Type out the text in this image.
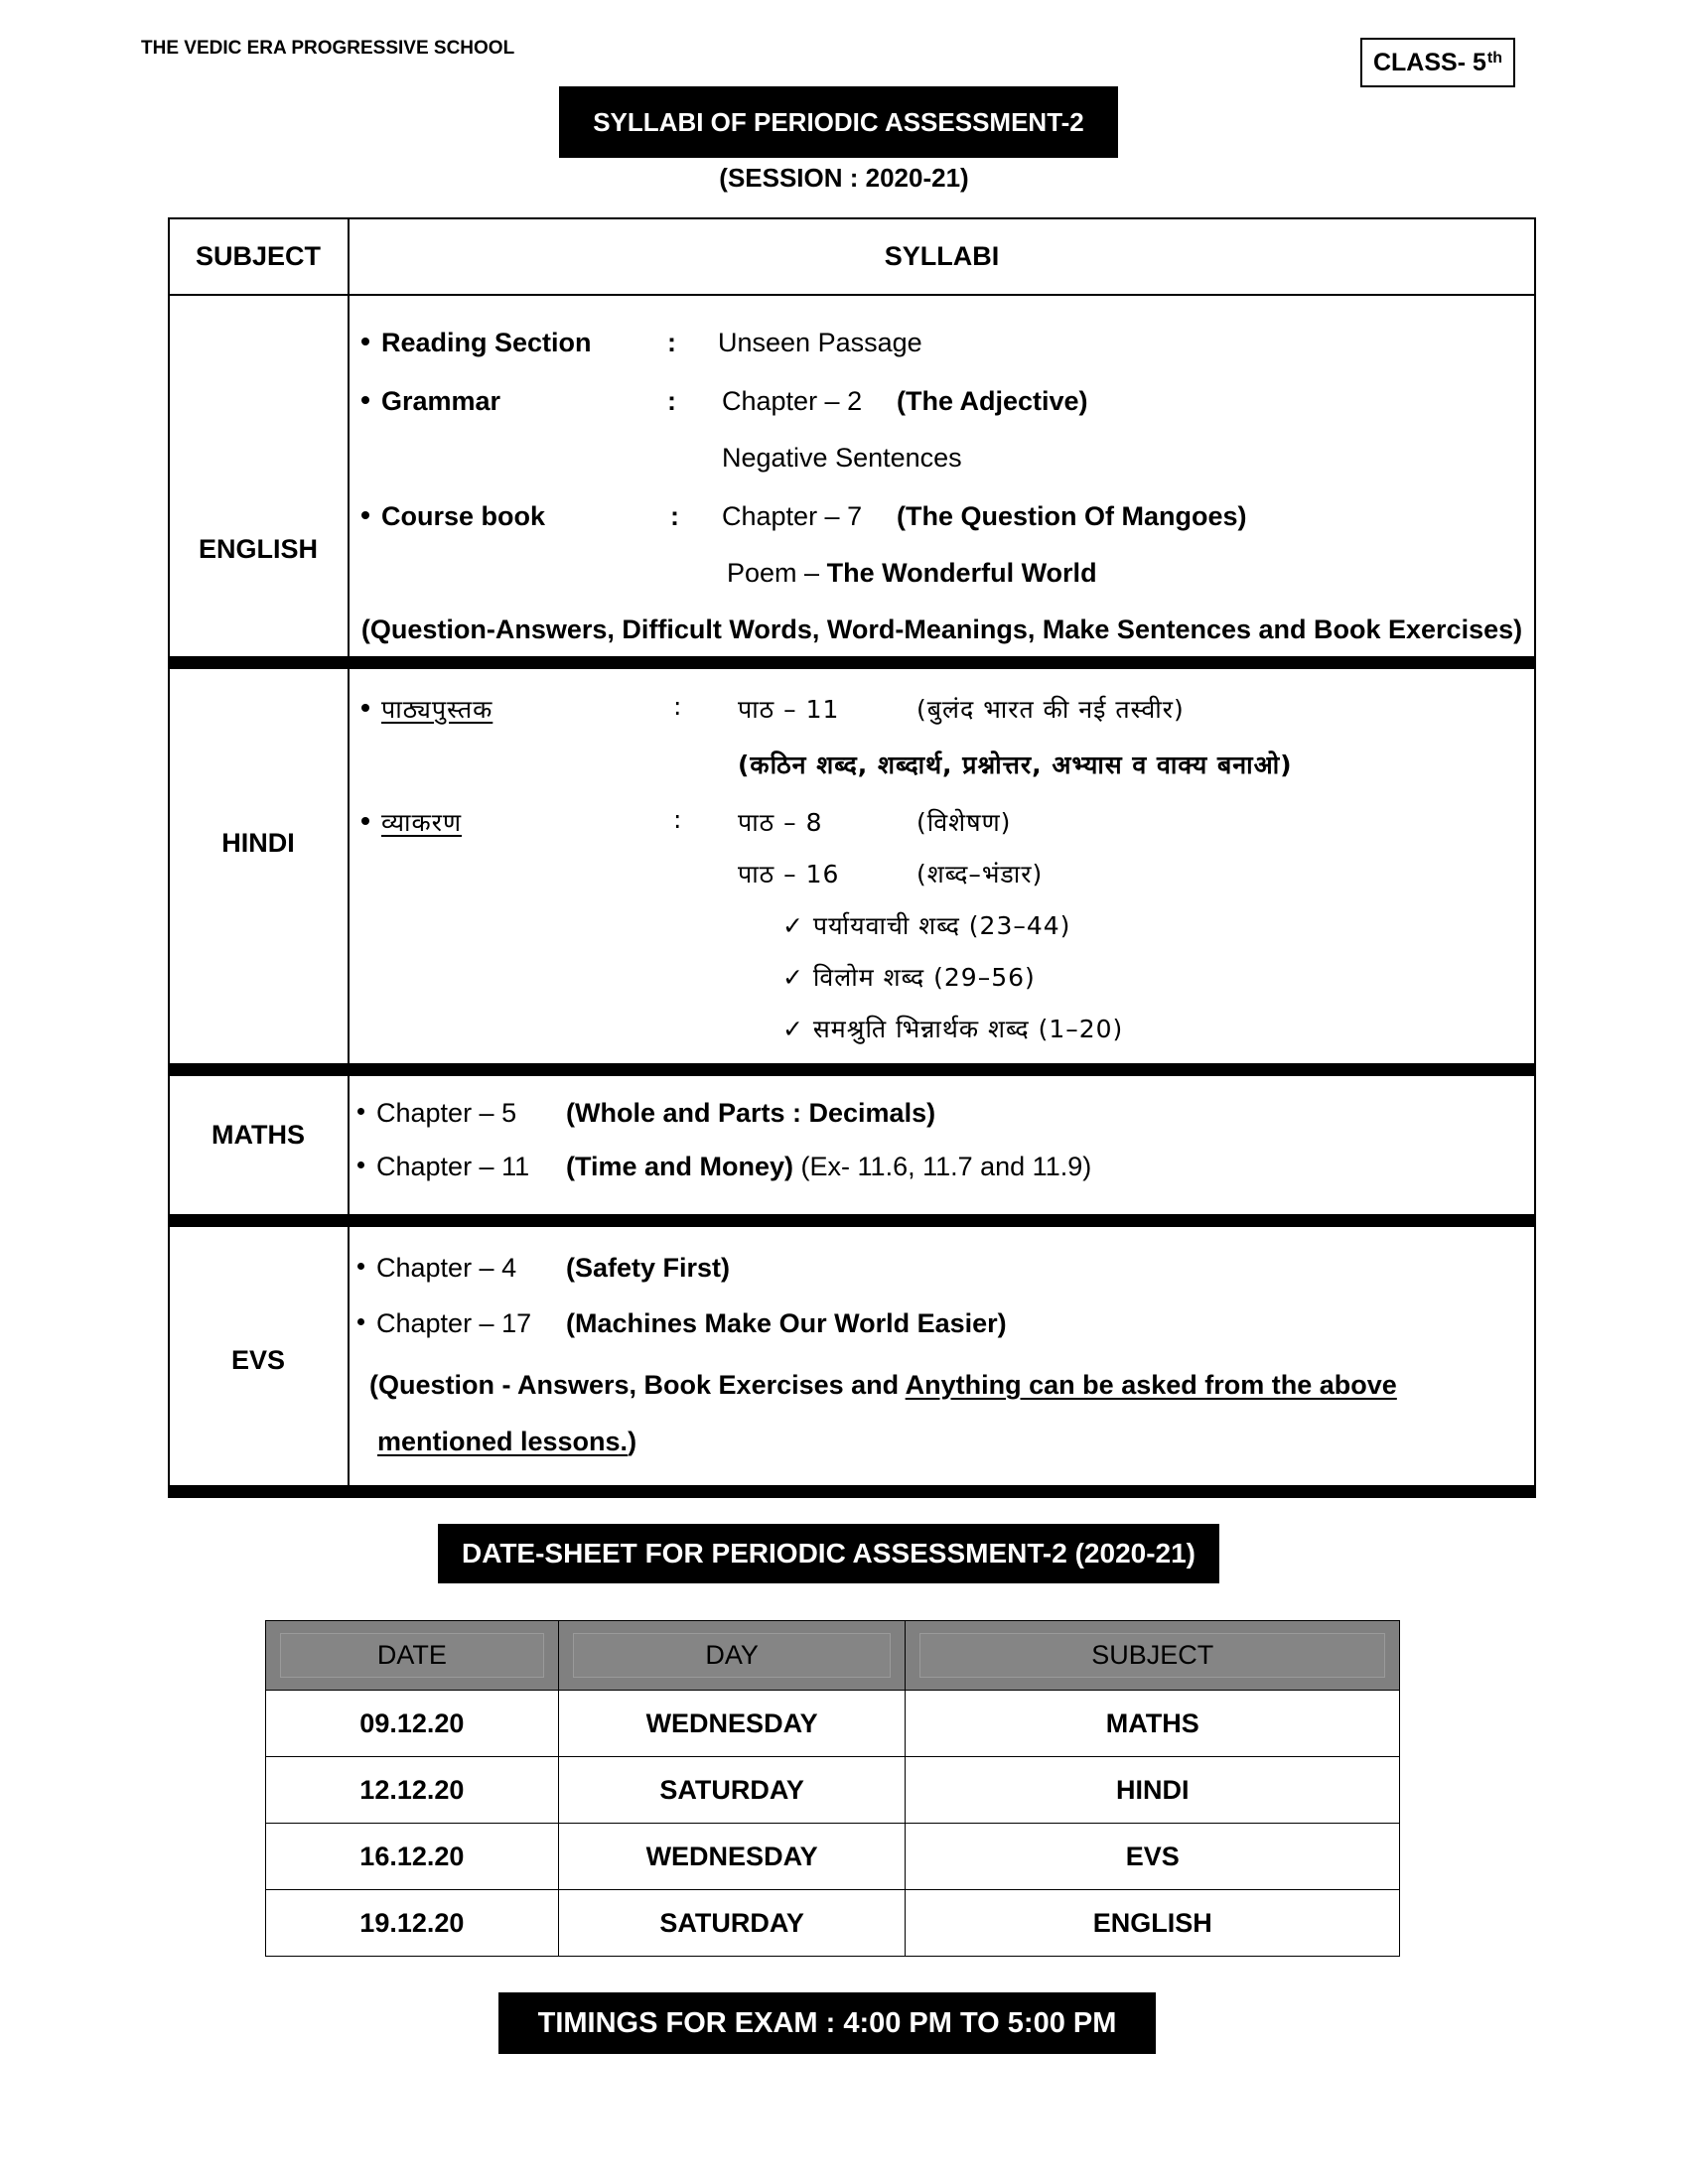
THE VEDIC ERA PROGRESSIVE SCHOOL	CLASS- 5th
SYLLABI OF PERIODIC ASSESSMENT-2
(SESSION : 2020-21)
SUBJECT	SYLLABI
ENGLISH
Reading Section	: Unseen Passage
Grammar	: Chapter – 2 (The Adjective)
Negative Sentences
Course book	: Chapter – 7 (The Question Of Mangoes)
Poem – The Wonderful World
(Question-Answers, Difficult Words, Word-Meanings, Make Sentences and Book Exercises)
HINDI
पाठ्यपुस्तक	: पाठ – 11	(बुलंद भारत की नई तस्वीर)
(कठिन शब्द, शब्दार्थ, प्रश्नोत्तर, अभ्यास व वाक्य बनाओ)
व्याकरण	: पाठ – 8	(विशेषण)
पाठ – 16	(शब्द–भंडार)
✓ पर्यायवाची शब्द (23–44)
✓ विलोम शब्द (29–56)
✓ समश्रुति भिन्नार्थक शब्द (1–20)
MATHS
Chapter – 5 (Whole and Parts : Decimals)
Chapter – 11 (Time and Money) (Ex- 11.6, 11.7 and 11.9)
EVS
Chapter – 4 (Safety First)
Chapter – 17 (Machines Make Our World Easier)
(Question - Answers, Book Exercises and Anything can be asked from the above
mentioned lessons.)
DATE-SHEET FOR PERIODIC ASSESSMENT-2 (2020-21)
DATE	DAY	SUBJECT

09.12.20	WEDNESDAY	MATHS
12.12.20	SATURDAY	HINDI
16.12.20	WEDNESDAY	EVS
19.12.20	SATURDAY	ENGLISH
TIMINGS FOR EXAM : 4:00 PM TO 5:00 PM
